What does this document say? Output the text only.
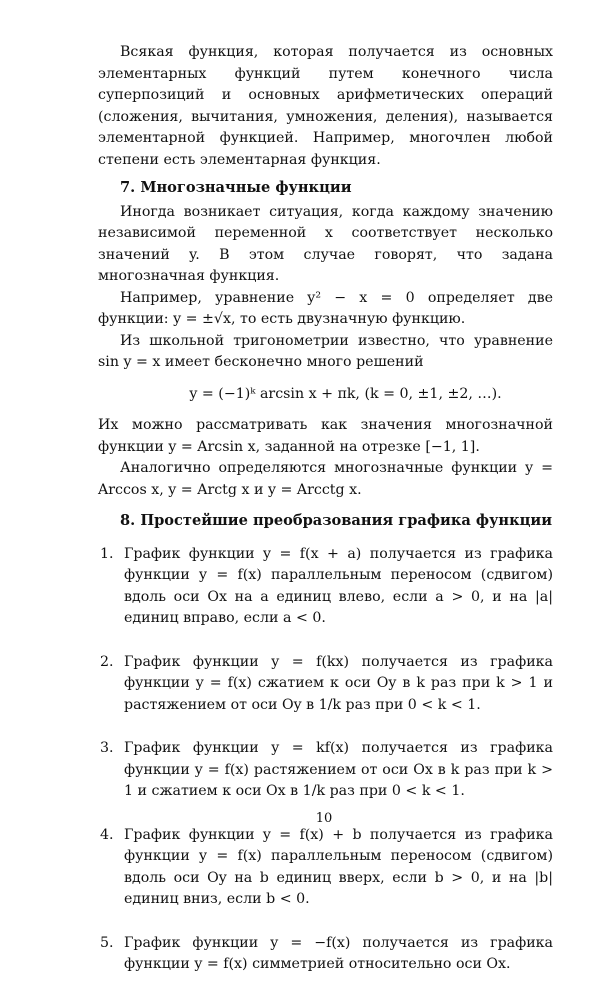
Всякая функция, которая получается из основных элементарных функций путем конечного числа суперпозиций и основных арифметических операций (сложения, вычитания, умножения, деления), называется элементарной функцией. Например, многочлен любой степени есть элементарная функция.

7. Многозначные функции

Иногда возникает ситуация, когда каждому значению независимой переменной x соответствует несколько значений y. В этом случае говорят, что задана многозначная функция.

Например, уравнение y² − x = 0 определяет две функции: y = ±√x, то есть двузначную функцию.

Из школьной тригонометрии известно, что уравнение sin y = x имеет бесконечно много решений

y = (−1)ᵏ arcsin x + πk, (k = 0, ±1, ±2, …).

Их можно рассматривать как значения многозначной функции y = Arcsin x, заданной на отрезке [−1, 1].

Аналогично определяются многозначные функции y = Arccos x, y = Arctg x и y = Arcctg x.

8. Простейшие преобразования графика функции
1. График функции y = f(x + a) получается из графика функции y = f(x) параллельным переносом (сдвигом) вдоль оси Ox на a единиц влево, если a > 0, и на |a| единиц вправо, если a < 0.
2. График функции y = f(kx) получается из графика функции y = f(x) сжатием к оси Oy в k раз при k > 1 и растяжением от оси Oy в 1/k раз при 0 < k < 1.
3. График функции y = kf(x) получается из графика функции y = f(x) растяжением от оси Ox в k раз при k > 1 и сжатием к оси Ox в 1/k раз при 0 < k < 1.
4. График функции y = f(x) + b получается из графика функции y = f(x) параллельным переносом (сдвигом) вдоль оси Oy на b единиц вверх, если b > 0, и на |b| единиц вниз, если b < 0.
5. График функции y = −f(x) получается из графика функции y = f(x) симметрией относительно оси Ox.
10
